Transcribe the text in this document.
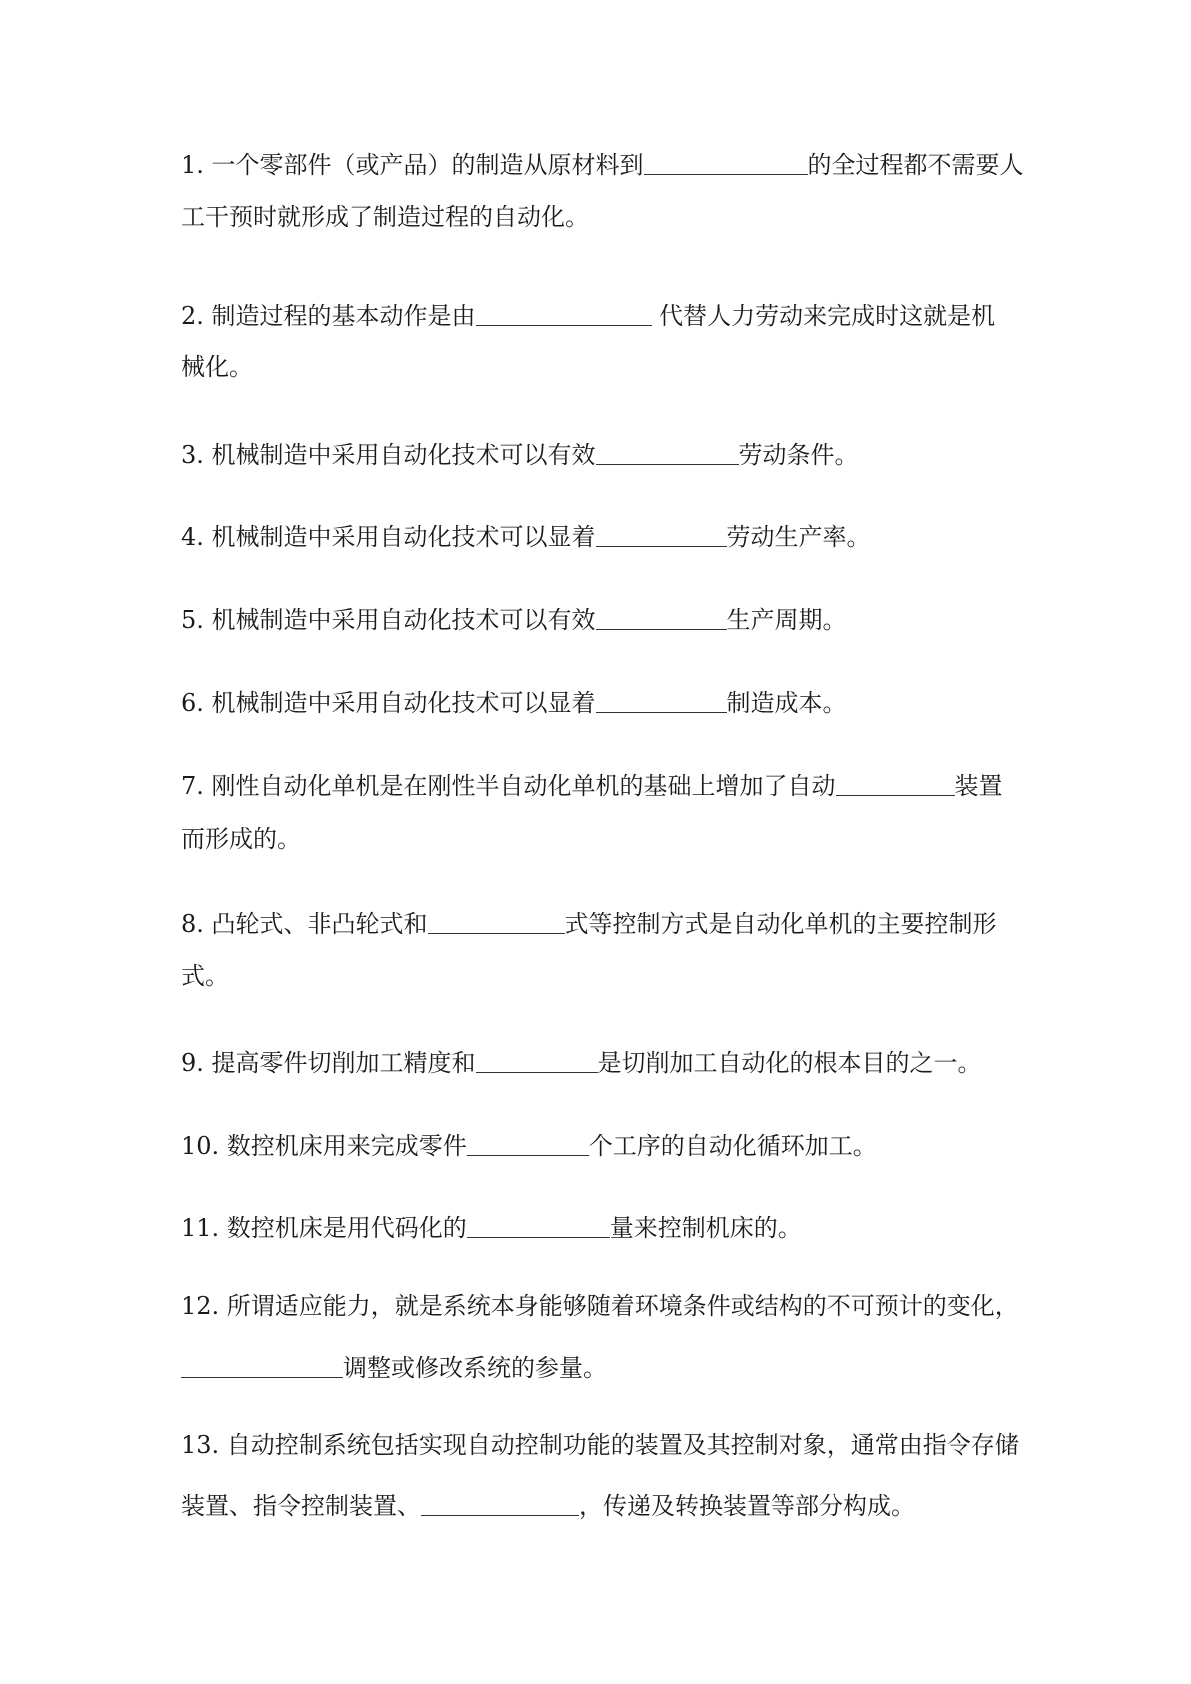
1. 一个零部件（或产品）的制造从原材料到	的全过程都不需要人
工干预时就形成了制造过程的自动化。
2. 制造过程的基本动作是由	代替人力劳动来完成时这就是机
械化。
3. 机械制造中采用自动化技术可以有效	劳动条件。
4. 机械制造中采用自动化技术可以显着	劳动生产率。
5. 机械制造中采用自动化技术可以有效	生产周期。
6. 机械制造中采用自动化技术可以显着	制造成本。
7. 刚性自动化单机是在刚性半自动化单机的基础上增加了自动	装置
而形成的。
8. 凸轮式、非凸轮式和	式等控制方式是自动化单机的主要控制形
式。
9. 提高零件切削加工精度和	是切削加工自动化的根本目的之一。
10. 数控机床用来完成零件	个工序的自动化循环加工。
11. 数控机床是用代码化的	量来控制机床的。
12. 所谓适应能力，就是系统本身能够随着环境条件或结构的不可预计的变化，
调整或修改系统的参量。
13. 自动控制系统包括实现自动控制功能的装置及其控制对象，通常由指令存储
装置、指令控制装置、	，传递及转换装置等部分构成。
